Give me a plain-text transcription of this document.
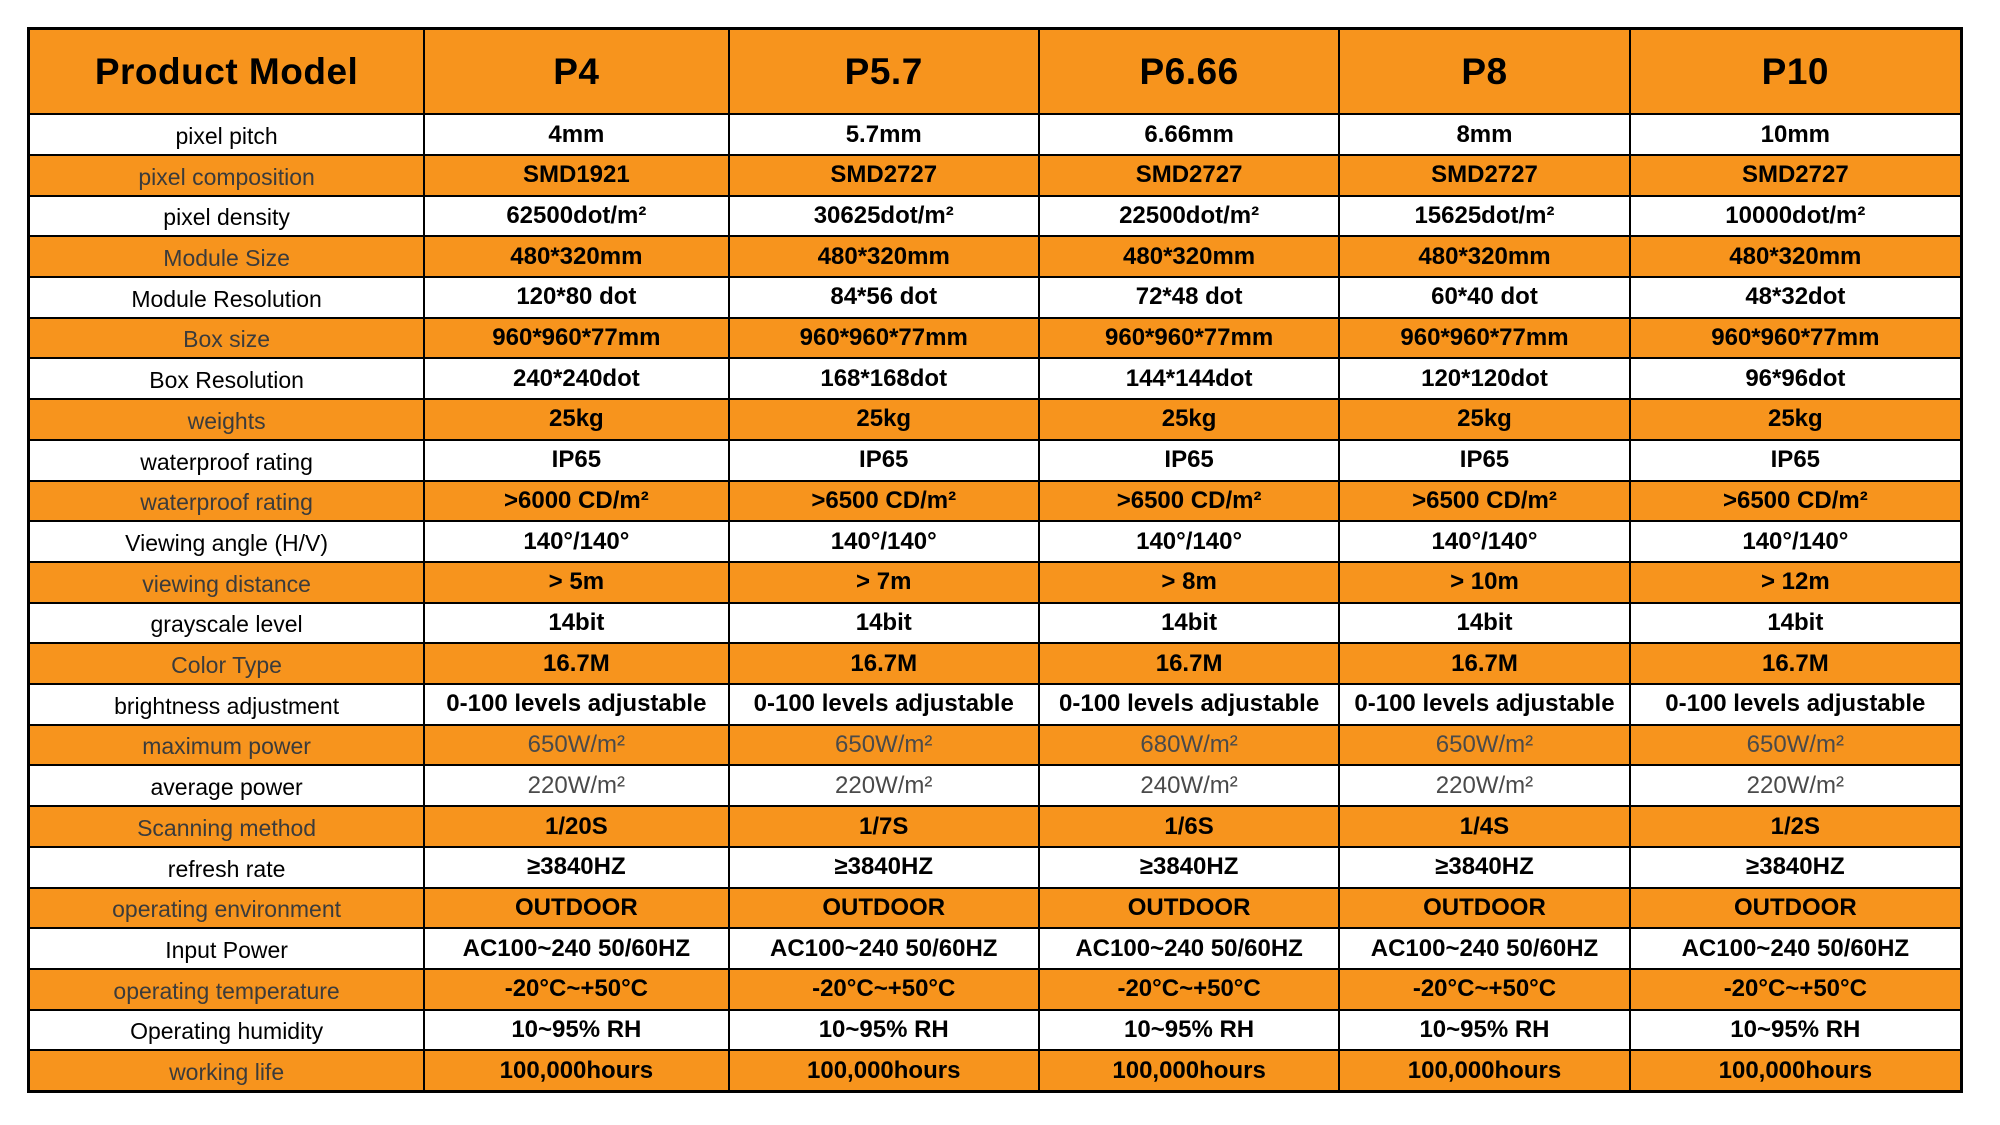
Product Model	P4	P5.7	P6.66	P8	P10
pixel pitch	4mm	5.7mm	6.66mm	8mm	10mm
pixel composition	SMD1921	SMD2727	SMD2727	SMD2727	SMD2727
pixel density	62500dot/m²	30625dot/m²	22500dot/m²	15625dot/m²	10000dot/m²
Module Size	480*320mm	480*320mm	480*320mm	480*320mm	480*320mm
Module Resolution	120*80 dot	84*56 dot	72*48 dot	60*40 dot	48*32dot
Box size	960*960*77mm	960*960*77mm	960*960*77mm	960*960*77mm	960*960*77mm
Box Resolution	240*240dot	168*168dot	144*144dot	120*120dot	96*96dot
weights	25kg	25kg	25kg	25kg	25kg
waterproof rating	IP65	IP65	IP65	IP65	IP65
waterproof rating	>6000 CD/m²	>6500 CD/m²	>6500 CD/m²	>6500 CD/m²	>6500 CD/m²
Viewing angle (H/V)	140°/140°	140°/140°	140°/140°	140°/140°	140°/140°
viewing distance	> 5m	> 7m	> 8m	> 10m	> 12m
grayscale level	14bit	14bit	14bit	14bit	14bit
Color Type	16.7M	16.7M	16.7M	16.7M	16.7M
brightness adjustment	0-100 levels adjustable	0-100 levels adjustable	0-100 levels adjustable	0-100 levels adjustable	0-100 levels adjustable
maximum power	650W/m²	650W/m²	680W/m²	650W/m²	650W/m²
average power	220W/m²	220W/m²	240W/m²	220W/m²	220W/m²
Scanning method	1/20S	1/7S	1/6S	1/4S	1/2S
refresh rate	≥3840HZ	≥3840HZ	≥3840HZ	≥3840HZ	≥3840HZ
operating environment	OUTDOOR	OUTDOOR	OUTDOOR	OUTDOOR	OUTDOOR
Input Power	AC100~240 50/60HZ	AC100~240 50/60HZ	AC100~240 50/60HZ	AC100~240 50/60HZ	AC100~240 50/60HZ
operating temperature	-20°C~+50°C	-20°C~+50°C	-20°C~+50°C	-20°C~+50°C	-20°C~+50°C
Operating humidity	10~95% RH	10~95% RH	10~95% RH	10~95% RH	10~95% RH
working life	100,000hours	100,000hours	100,000hours	100,000hours	100,000hours
